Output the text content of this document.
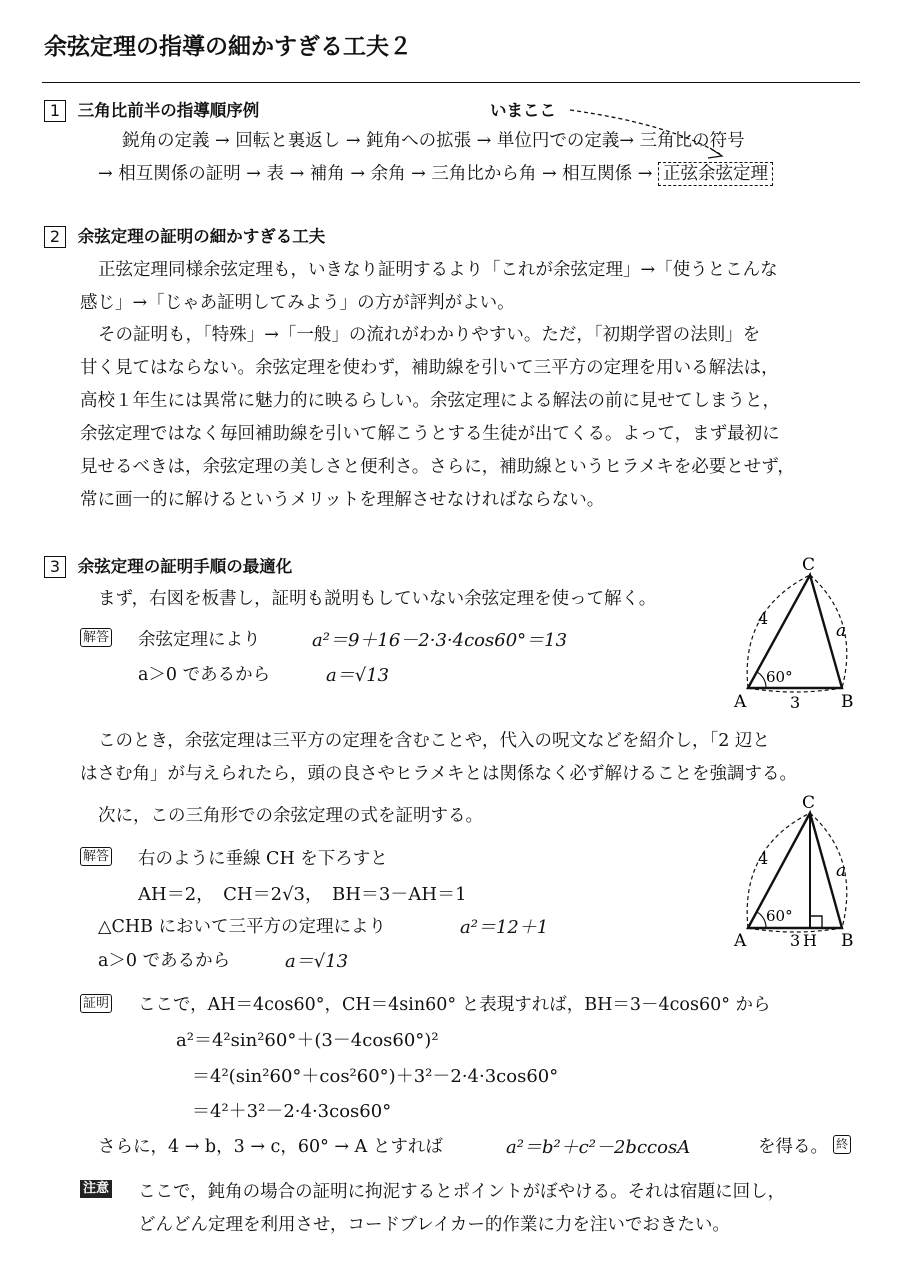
余弦定理の指導の細かすぎる工夫２
1 三角比前半の指導順序例	いまここ
鋭角の定義 → 回転と裏返し → 鈍角への拡張 → 単位円での定義→ 三角比の符号
→ 相互関係の証明 → 表 → 補角 → 余角 → 三角比から角 → 相互関係 → 正弦余弦定理
2 余弦定理の証明の細かすぎる工夫
正弦定理同様余弦定理も，いきなり証明するより「これが余弦定理」→「使うとこんな
感じ」→「じゃあ証明してみよう」の方が評判がよい。
その証明も，「特殊」→「一般」の流れがわかりやすい。ただ，「初期学習の法則」を
甘く見てはならない。余弦定理を使わず，補助線を引いて三平方の定理を用いる解法は，
高校１年生には異常に魅力的に映るらしい。余弦定理による解法の前に見せてしまうと，
余弦定理ではなく毎回補助線を引いて解こうとする生徒が出てくる。よって，まず最初に
見せるべきは，余弦定理の美しさと便利さ。さらに，補助線というヒラメキを必要とせず，
常に画一的に解けるというメリットを理解させなければならない。
3 余弦定理の証明手順の最適化
まず，右図を板書し，証明も説明もしていない余弦定理を使って解く。
解答 余弦定理により	a²＝9＋16－2·3·4cos60°＝13
a＞0 であるから	a＝√13
C
A	B
4
a
3
60°
このとき，余弦定理は三平方の定理を含むことや，代入の呪文などを紹介し，「2 辺と
はさむ角」が与えられたら，頭の良さやヒラメキとは関係なく必ず解けることを強調する。
次に，この三角形での余弦定理の式を証明する。
解答 右のように垂線 CH を下ろすと
AH＝2，　CH＝2√3，　BH＝3－AH＝1
△CHB において三平方の定理により	a²＝12＋1
a＞0 であるから	a＝√13
C
A	B
H
4
a
3
60°
証明 ここで，AH＝4cos60°，CH＝4sin60° と表現すれば，BH＝3－4cos60° から
a²＝4²sin²60°＋(3－4cos60°)²
＝4²(sin²60°＋cos²60°)＋3²－2·4·3cos60°
＝4²＋3²－2·4·3cos60°
さらに，4 → b，3 → c，60° → A とすれば	a²＝b²＋c²－2bccosA	を得る。 終
注意 ここで，鈍角の場合の証明に拘泥するとポイントがぼやける。それは宿題に回し，
どんどん定理を利用させ，コードブレイカー的作業に力を注いでおきたい。
